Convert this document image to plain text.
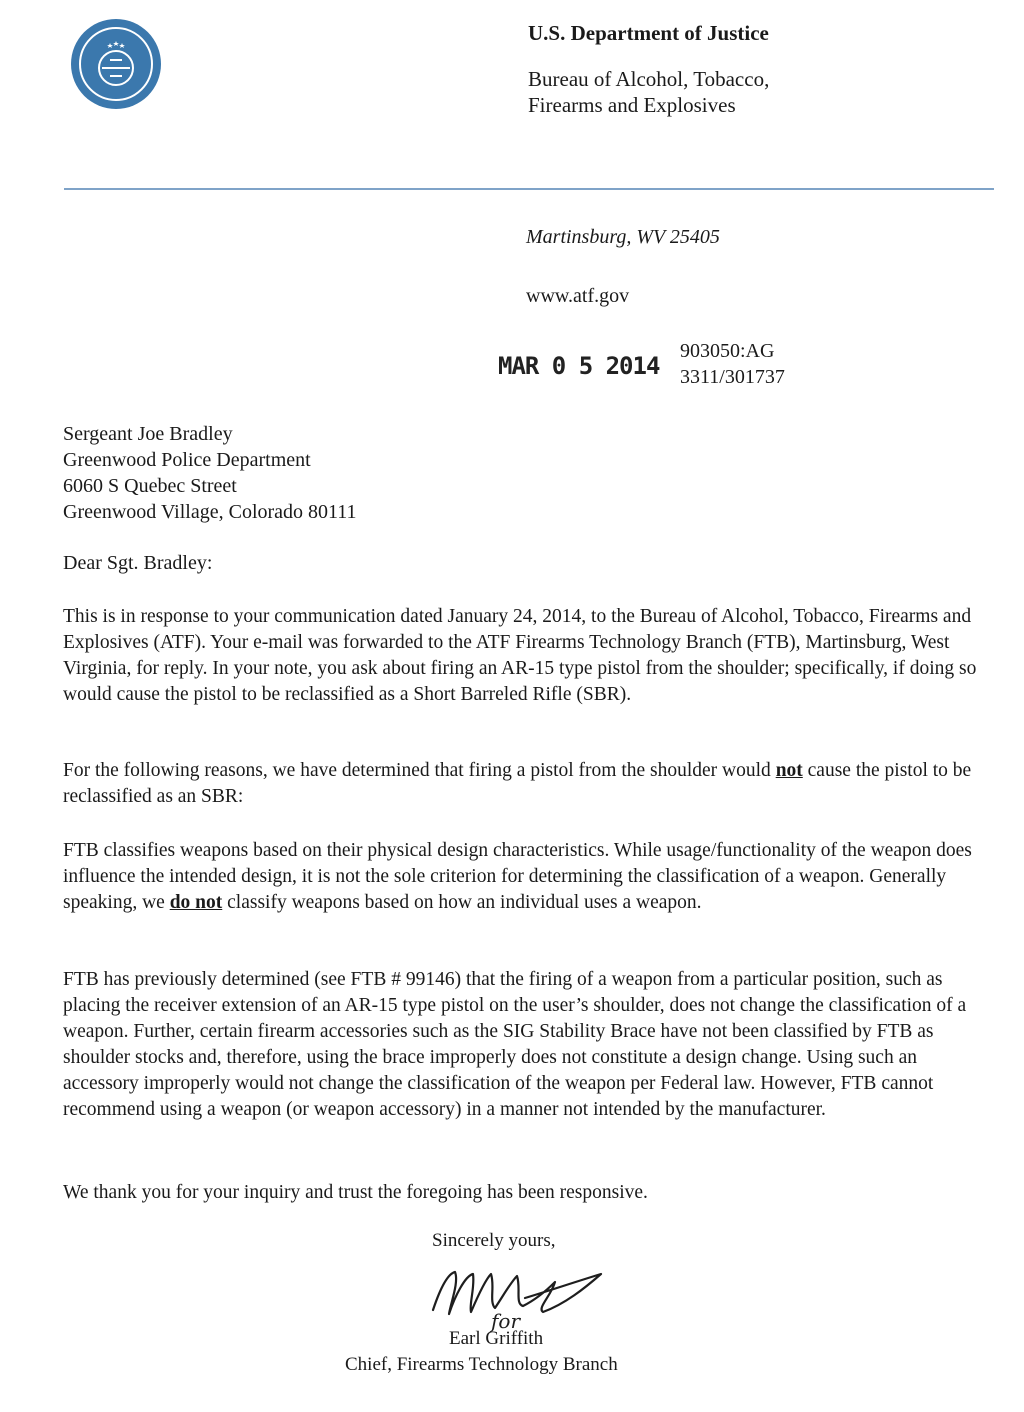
U.S. Department of Justice
Bureau of Alcohol, Tobacco,
Firearms and Explosives
Martinsburg, WV 25405
www.atf.gov
MAR 0 5 2014
903050:AG
3311/301737
Sergeant Joe Bradley
Greenwood Police Department
6060 S Quebec Street
Greenwood Village, Colorado 80111
Dear Sgt. Bradley:
This is in response to your communication dated January 24, 2014, to the Bureau of Alcohol, Tobacco, Firearms and Explosives (ATF). Your e-mail was forwarded to the ATF Firearms Technology Branch (FTB), Martinsburg, West Virginia, for reply. In your note, you ask about firing an AR-15 type pistol from the shoulder; specifically, if doing so would cause the pistol to be reclassified as a Short Barreled Rifle (SBR).
For the following reasons, we have determined that firing a pistol from the shoulder would not cause the pistol to be reclassified as an SBR:
FTB classifies weapons based on their physical design characteristics. While usage/functionality of the weapon does influence the intended design, it is not the sole criterion for determining the classification of a weapon. Generally speaking, we do not classify weapons based on how an individual uses a weapon.
FTB has previously determined (see FTB # 99146) that the firing of a weapon from a particular position, such as placing the receiver extension of an AR-15 type pistol on the user’s shoulder, does not change the classification of a weapon. Further, certain firearm accessories such as the SIG Stability Brace have not been classified by FTB as shoulder stocks and, therefore, using the brace improperly does not constitute a design change. Using such an accessory improperly would not change the classification of the weapon per Federal law. However, FTB cannot recommend using a weapon (or weapon accessory) in a manner not intended by the manufacturer.
We thank you for your inquiry and trust the foregoing has been responsive.
Sincerely yours,
for
Earl Griffith
Chief, Firearms Technology Branch
